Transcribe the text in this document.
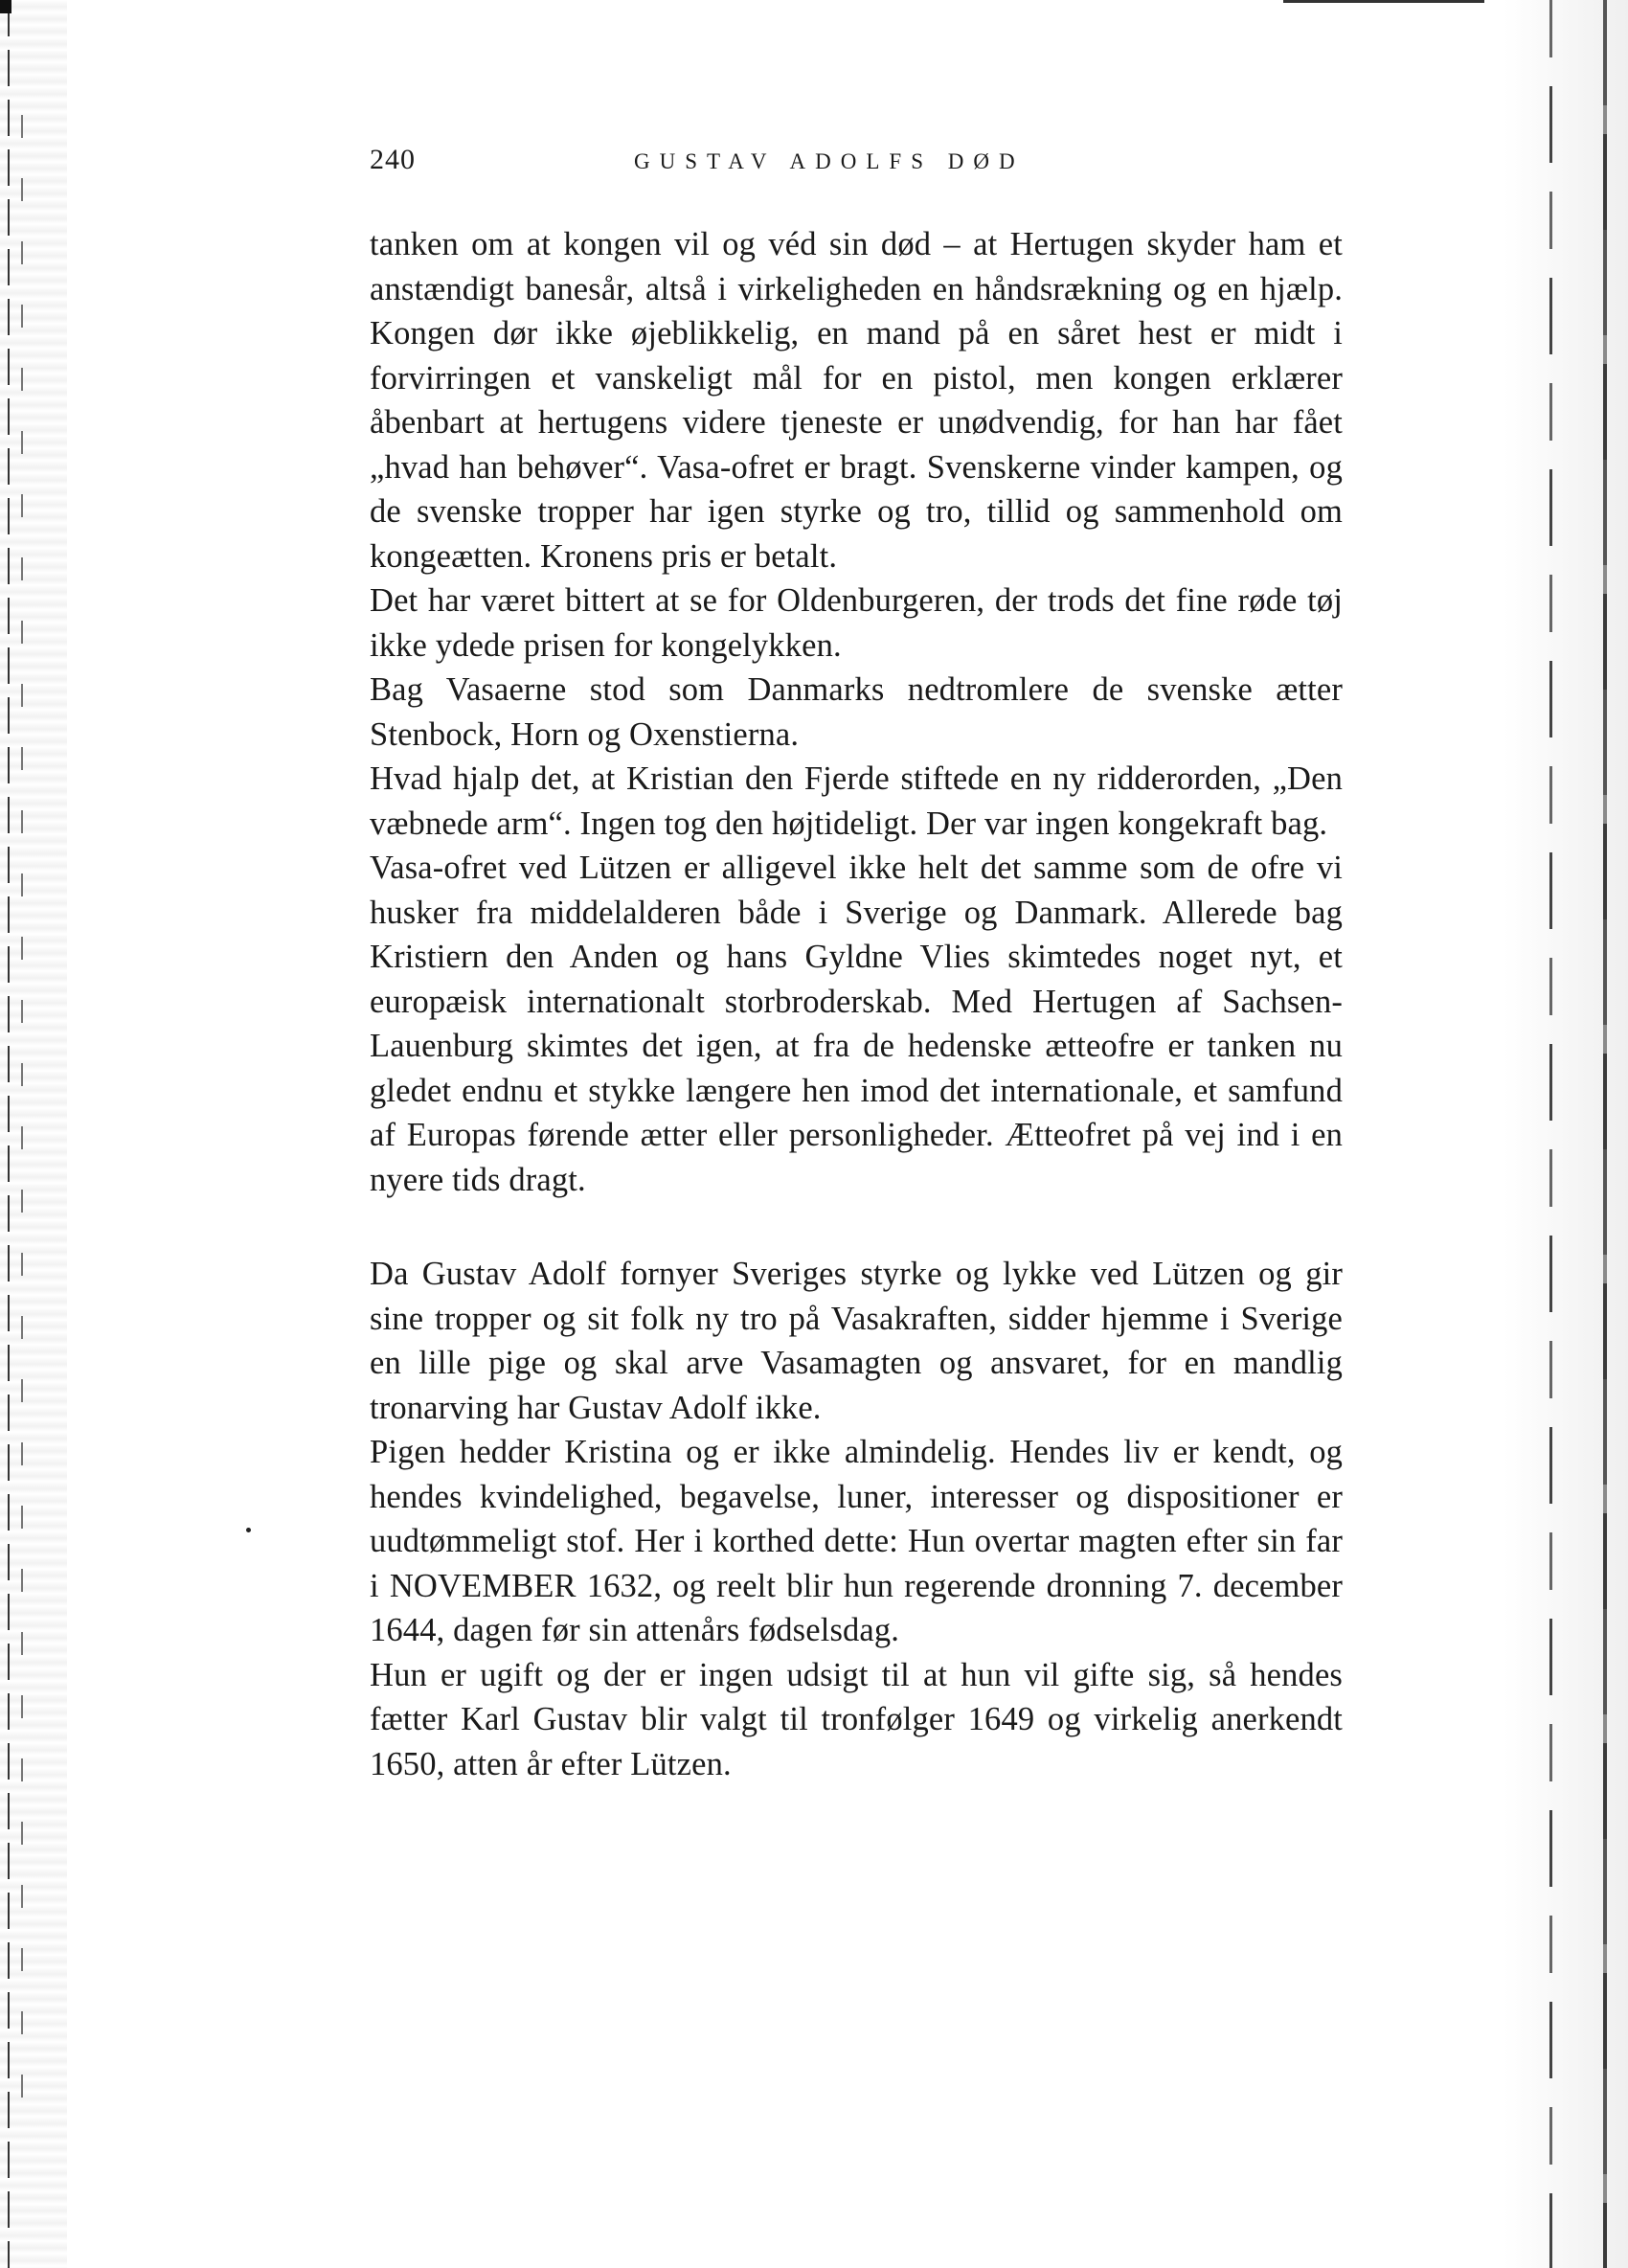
240	GUSTAV ADOLFS DØD

tanken om at kongen vil og véd sin død – at Hertugen skyder ham et anstændigt banesår, altså i virkeligheden en håndsrækning og en hjælp. Kongen dør ikke øjeblikkelig, en mand på en såret hest er midt i forvirringen et vanskeligt mål for en pistol, men kongen erklærer åbenbart at hertugens videre tjeneste er unødvendig, for han har fået „hvad han behøver“. Vasa-ofret er bragt. Svenskerne vinder kampen, og de svenske tropper har igen styrke og tro, tillid og sammenhold om kongeætten. Kronens pris er betalt.

Det har været bittert at se for Oldenburgeren, der trods det fine røde tøj ikke ydede prisen for kongelykken.

Bag Vasaerne stod som Danmarks nedtromlere de svenske ætter Stenbock, Horn og Oxenstierna.

Hvad hjalp det, at Kristian den Fjerde stiftede en ny ridderorden, „Den væbnede arm“. Ingen tog den højtideligt. Der var ingen kongekraft bag.

Vasa-ofret ved Lützen er alligevel ikke helt det samme som de ofre vi husker fra middelalderen både i Sverige og Danmark. Allerede bag Kristiern den Anden og hans Gyldne Vlies skimtedes noget nyt, et europæisk internationalt storbroderskab. Med Hertugen af Sachsen-Lauenburg skimtes det igen, at fra de hedenske ætteofre er tanken nu gledet endnu et stykke længere hen imod det internationale, et samfund af Europas førende ætter eller personligheder. Ætteofret på vej ind i en nyere tids dragt.

Da Gustav Adolf fornyer Sveriges styrke og lykke ved Lützen og gir sine tropper og sit folk ny tro på Vasakraften, sidder hjemme i Sverige en lille pige og skal arve Vasamagten og ansvaret, for en mandlig tronarving har Gustav Adolf ikke.

Pigen hedder Kristina og er ikke almindelig. Hendes liv er kendt, og hendes kvindelighed, begavelse, luner, interesser og dispositioner er uudtømmeligt stof. Her i korthed dette: Hun overtar magten efter sin far i NOVEMBER 1632, og reelt blir hun regerende dronning 7. december 1644, dagen før sin attenårs fødselsdag.

Hun er ugift og der er ingen udsigt til at hun vil gifte sig, så hendes fætter Karl Gustav blir valgt til tronfølger 1649 og virkelig anerkendt 1650, atten år efter Lützen.
